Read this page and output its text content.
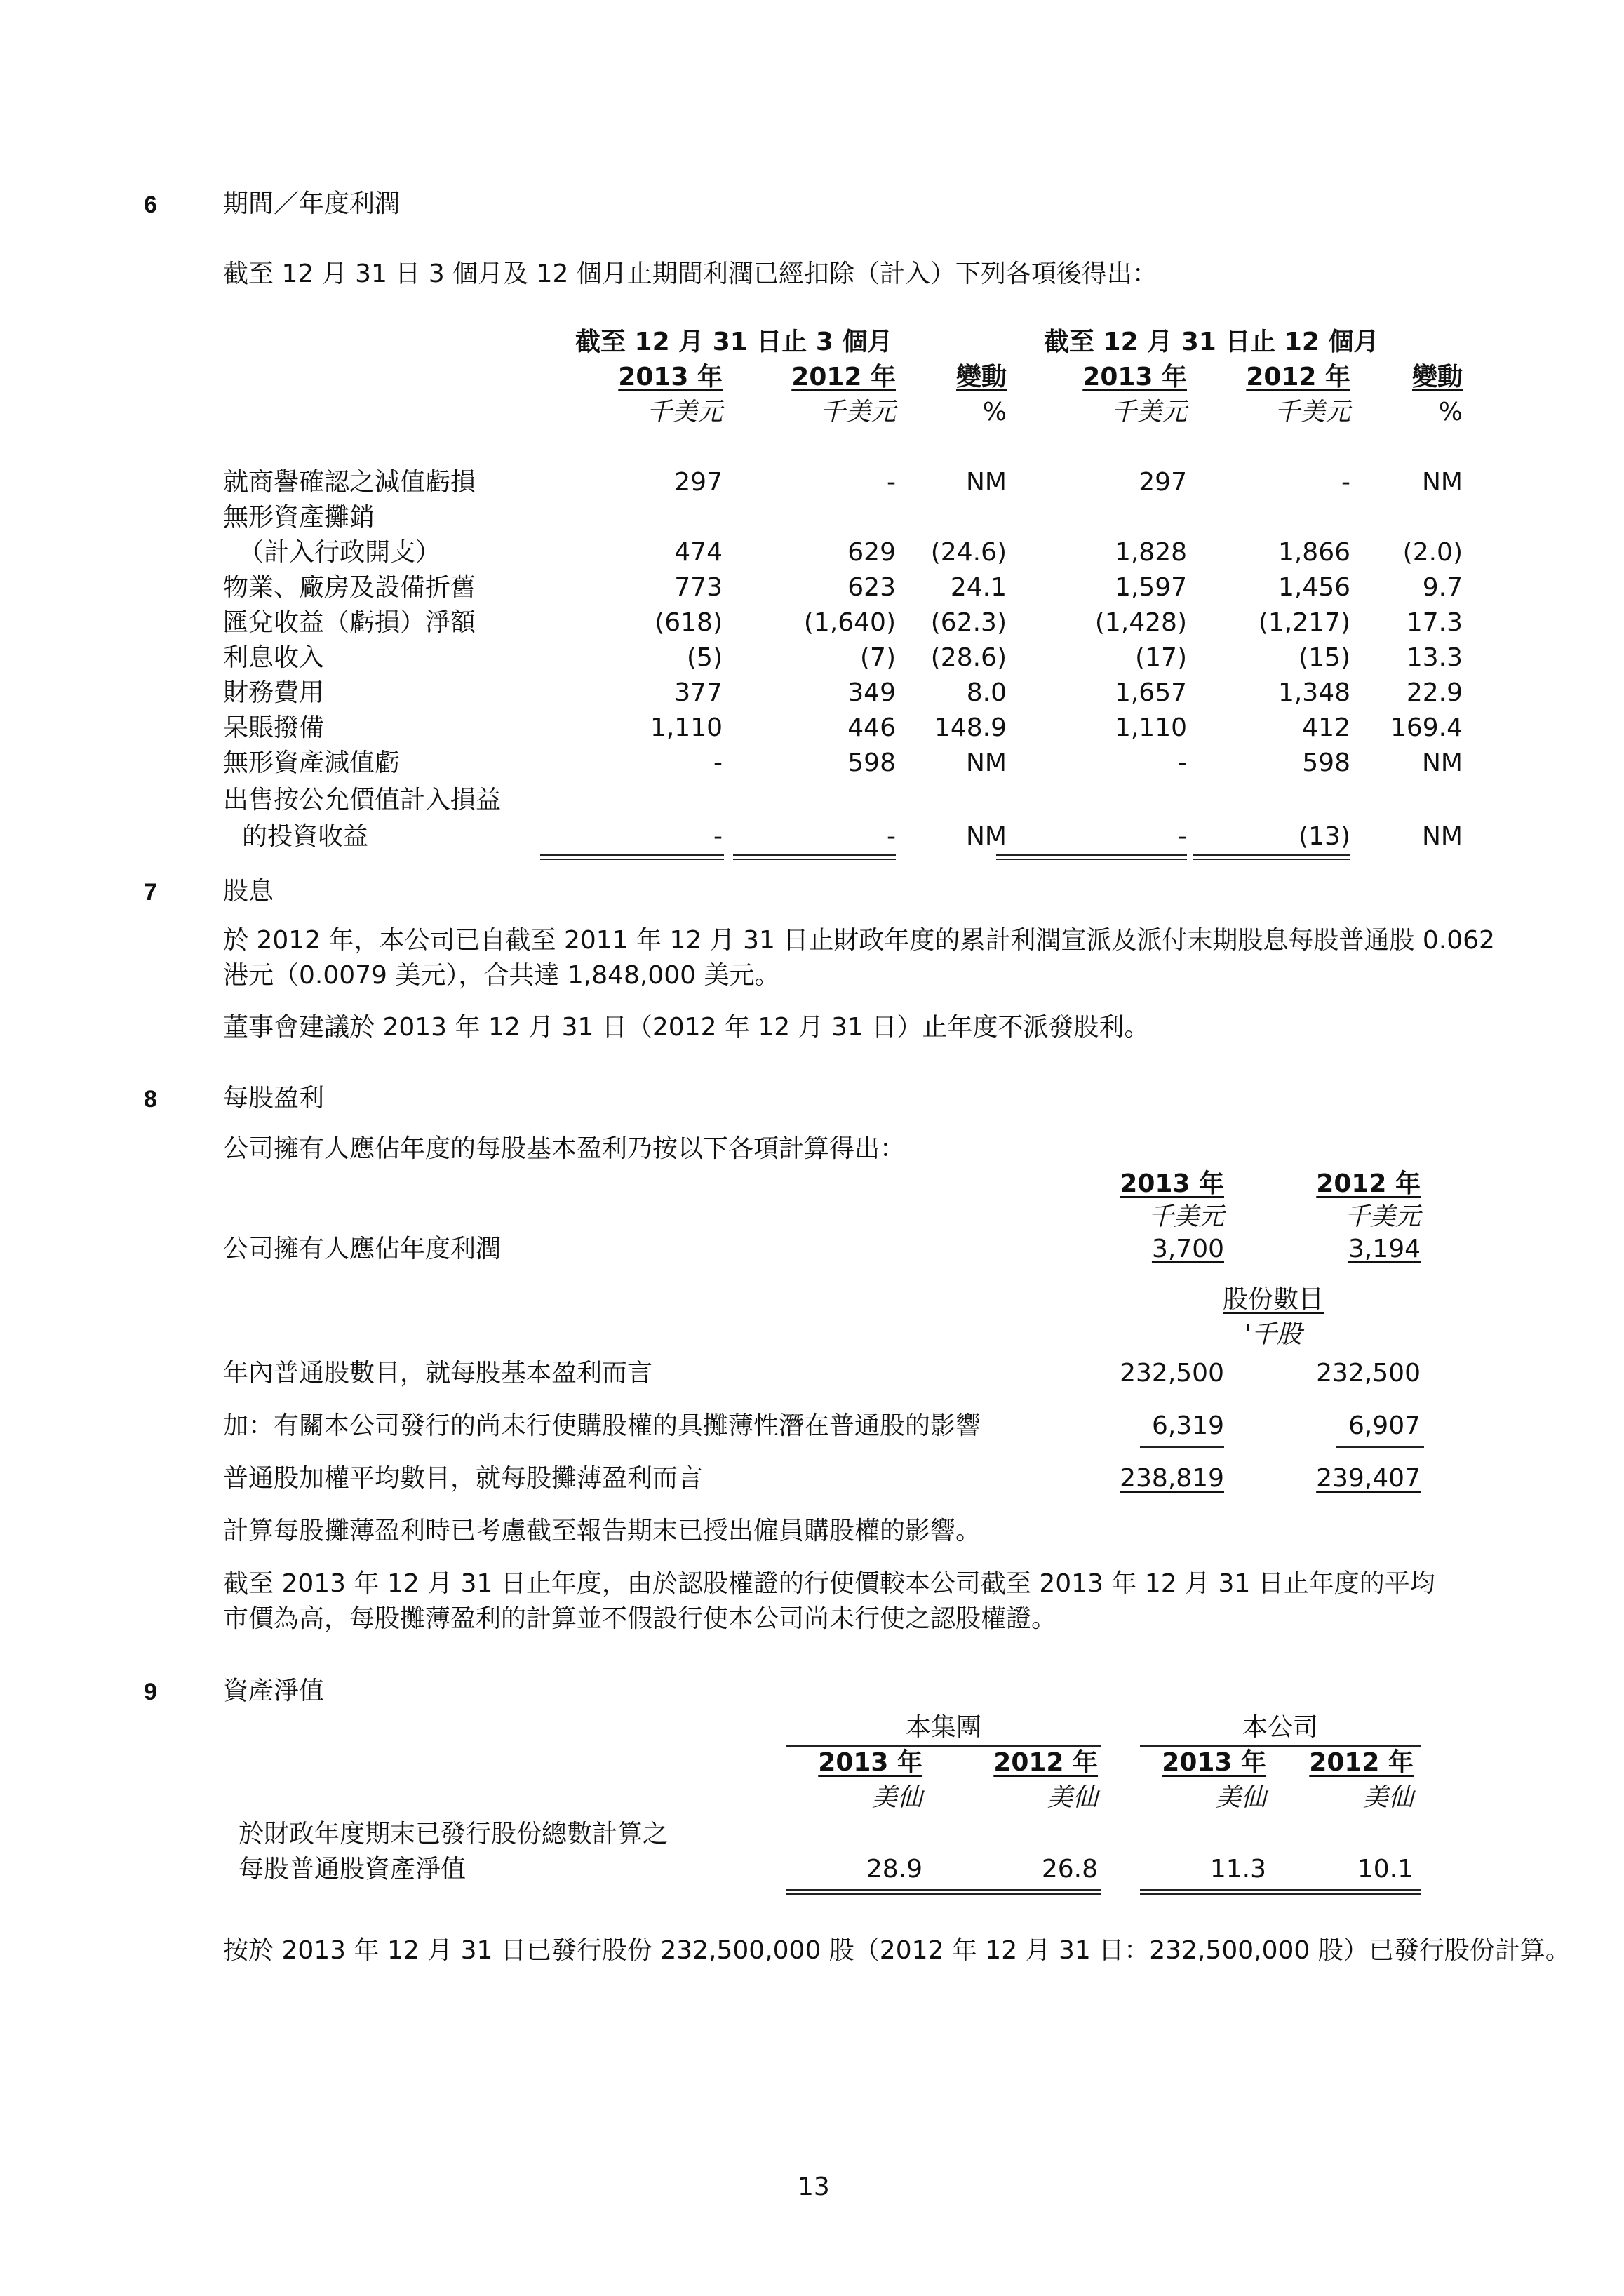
6	期間／年度利潤
截至 12 月 31 日 3 個月及 12 個月止期間利潤已經扣除（計入）下列各項後得出：
截至 12 月 31 日止 3 個月	截至 12 月 31 日止 12 個月
2013 年	2012 年 變動	2013 年 2012 年 變動
千美元	千美元	%	千美元	千美元	%
就商譽確認之減值虧損	297	-	NM	297	-	NM
無形資產攤銷
（計入行政開支）	474	629 (24.6)	1,828	1,866 (2.0)
物業、廠房及設備折舊	773	623 24.1	1,597	1,456	9.7
匯兌收益（虧損）淨額	(618)	(1,640) (62.3)	(1,428)	(1,217) 17.3
利息收入	(5)	(7) (28.6)	(17)	(15) 13.3
財務費用	377	349	8.0	1,657	1,348 22.9
呆賬撥備	1,110	446 148.9	1,110	412 169.4
無形資產減值虧	-	598	NM	-	598	NM
出售按公允價值計入損益
的投資收益	-	-	NM	-	(13)	NM
7	股息
於 2012 年，本公司已自截至 2011 年 12 月 31 日止財政年度的累計利潤宣派及派付末期股息每股普通股 0.062
港元（0.0079 美元），合共達 1,848,000 美元。
董事會建議於 2013 年 12 月 31 日（2012 年 12 月 31 日）止年度不派發股利。
8	每股盈利
公司擁有人應佔年度的每股基本盈利乃按以下各項計算得出：
2013 年	2012 年
千美元	千美元
公司擁有人應佔年度利潤	3,700	3,194
股份數目
'千股
年內普通股數目，就每股基本盈利而言	232,500	232,500
加：有關本公司發行的尚未行使購股權的具攤薄性潛在普通股的影響	6,319	6,907
普通股加權平均數目，就每股攤薄盈利而言	238,819	239,407
計算每股攤薄盈利時已考慮截至報告期末已授出僱員購股權的影響。
截至 2013 年 12 月 31 日止年度，由於認股權證的行使價較本公司截至 2013 年 12 月 31 日止年度的平均
市價為高，每股攤薄盈利的計算並不假設行使本公司尚未行使之認股權證。
9	資產淨值
本集團	本公司
2013 年	2012 年	2013 年 2012 年
美仙	美仙	美仙	美仙
於財政年度期末已發行股份總數計算之
每股普通股資產淨值	28.9	26.8	11.3	10.1
按於 2013 年 12 月 31 日已發行股份 232,500,000 股（2012 年 12 月 31 日：232,500,000 股）已發行股份計算。
13
